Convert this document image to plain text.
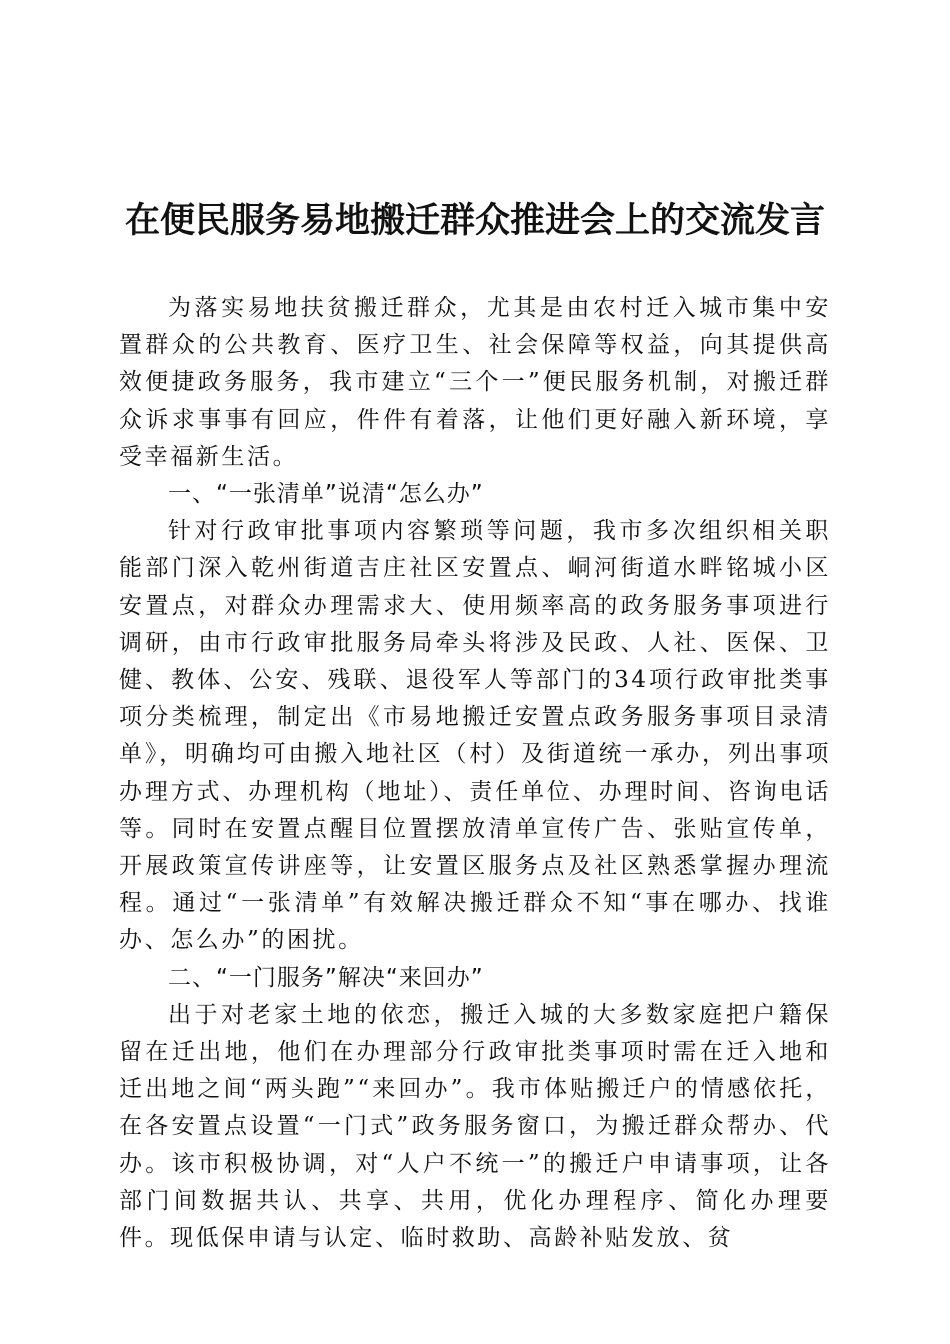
在便民服务易地搬迁群众推进会上的交流发言

为落实易地扶贫搬迁群众，尤其是由农村迁入城市集中安置群众的公共教育、医疗卫生、社会保障等权益，向其提供高效便捷政务服务，我市建立“三个一”便民服务机制，对搬迁群众诉求事事有回应，件件有着落，让他们更好融入新环境，享受幸福新生活。

一、“一张清单”说清“怎么办”

针对行政审批事项内容繁琐等问题，我市多次组织相关职能部门深入乾州街道吉庄社区安置点、峒河街道水畔铭城小区安置点，对群众办理需求大、使用频率高的政务服务事项进行调研，由市行政审批服务局牵头将涉及民政、人社、医保、卫健、教体、公安、残联、退役军人等部门的34项行政审批类事项分类梳理，制定出《市易地搬迁安置点政务服务事项目录清单》，明确均可由搬入地社区（村）及街道统一承办，列出事项办理方式、办理机构（地址）、责任单位、办理时间、咨询电话等。同时在安置点醒目位置摆放清单宣传广告、张贴宣传单，开展政策宣传讲座等，让安置区服务点及社区熟悉掌握办理流程。通过“一张清单”有效解决搬迁群众不知“事在哪办、找谁办、怎么办”的困扰。

二、“一门服务”解决“来回办”

出于对老家土地的依恋，搬迁入城的大多数家庭把户籍保留在迁出地，他们在办理部分行政审批类事项时需在迁入地和迁出地之间“两头跑”“来回办”。我市体贴搬迁户的情感依托，在各安置点设置“一门式”政务服务窗口，为搬迁群众帮办、代办。该市积极协调，对“人户不统一”的搬迁户申请事项，让各部门间数据共认、共享、共用，优化办理程序、简化办理要件。现低保申请与认定、临时救助、高龄补贴发放、贫
